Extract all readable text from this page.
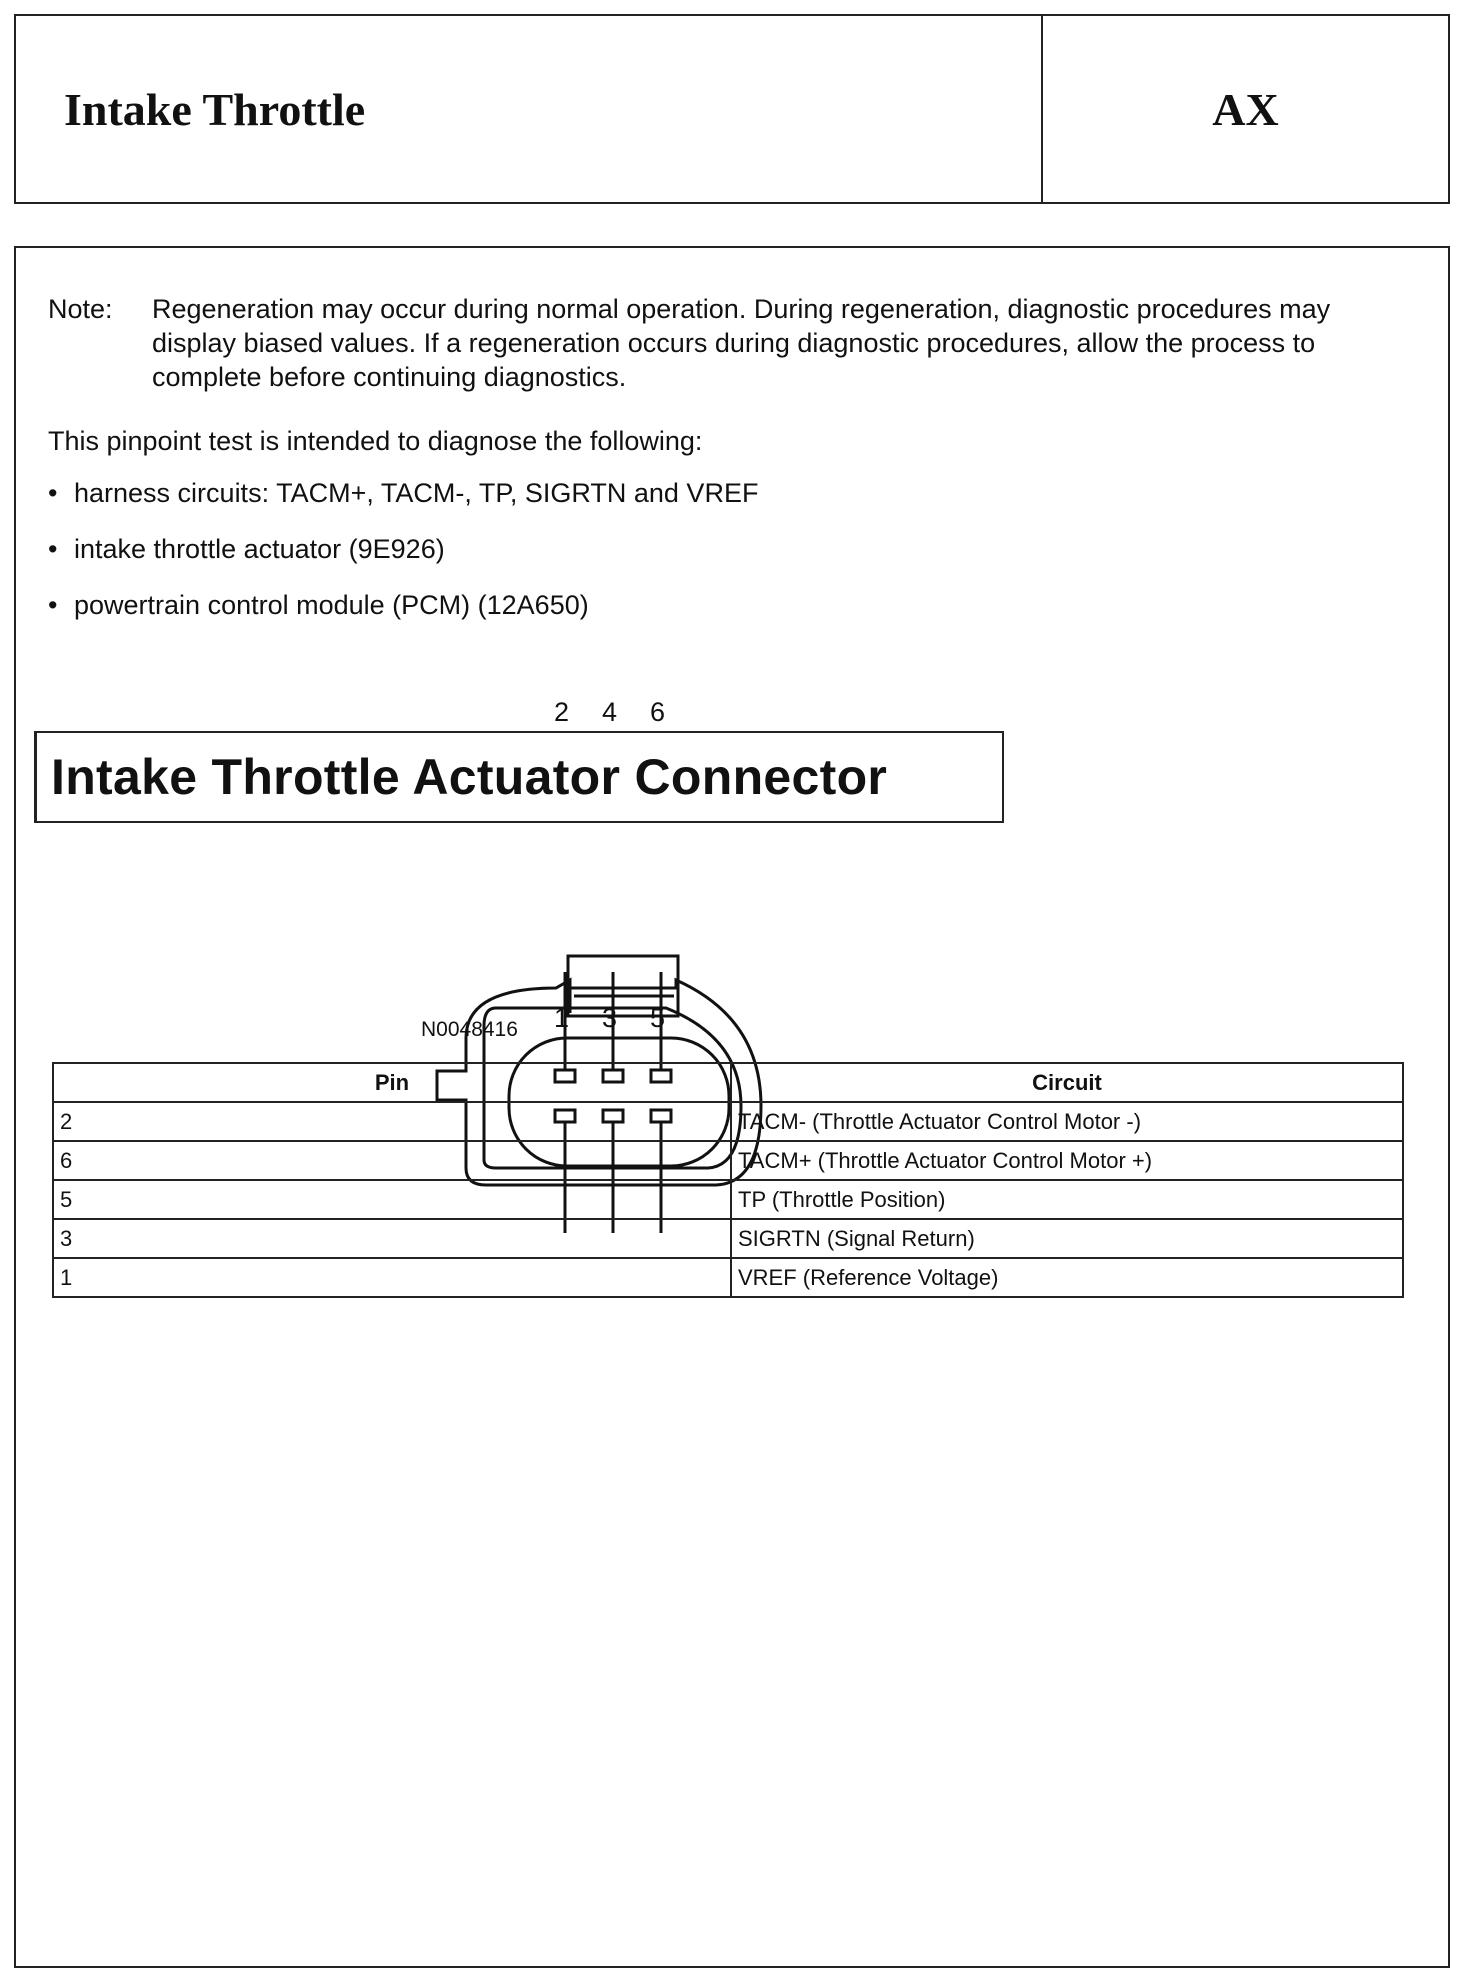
Intake Throttle	AX
Note:	Regeneration may occur during normal operation. During regeneration, diagnostic procedures may display biased values. If a regeneration occurs during diagnostic procedures, allow the process to complete before continuing diagnostics.
This pinpoint test is intended to diagnose the following:
• harness circuits: TACM+, TACM-, TP, SIGRTN and VREF
• intake throttle actuator (9E926)
• powertrain control module (PCM) (12A650)
Intake Throttle Actuator Connector
2 4 6
1 3 5
N0048416
Pin	Circuit
2	TACM- (Throttle Actuator Control Motor -)
6	TACM+ (Throttle Actuator Control Motor +)
5	TP (Throttle Position)
3	SIGRTN (Signal Return)
1	VREF (Reference Voltage)
